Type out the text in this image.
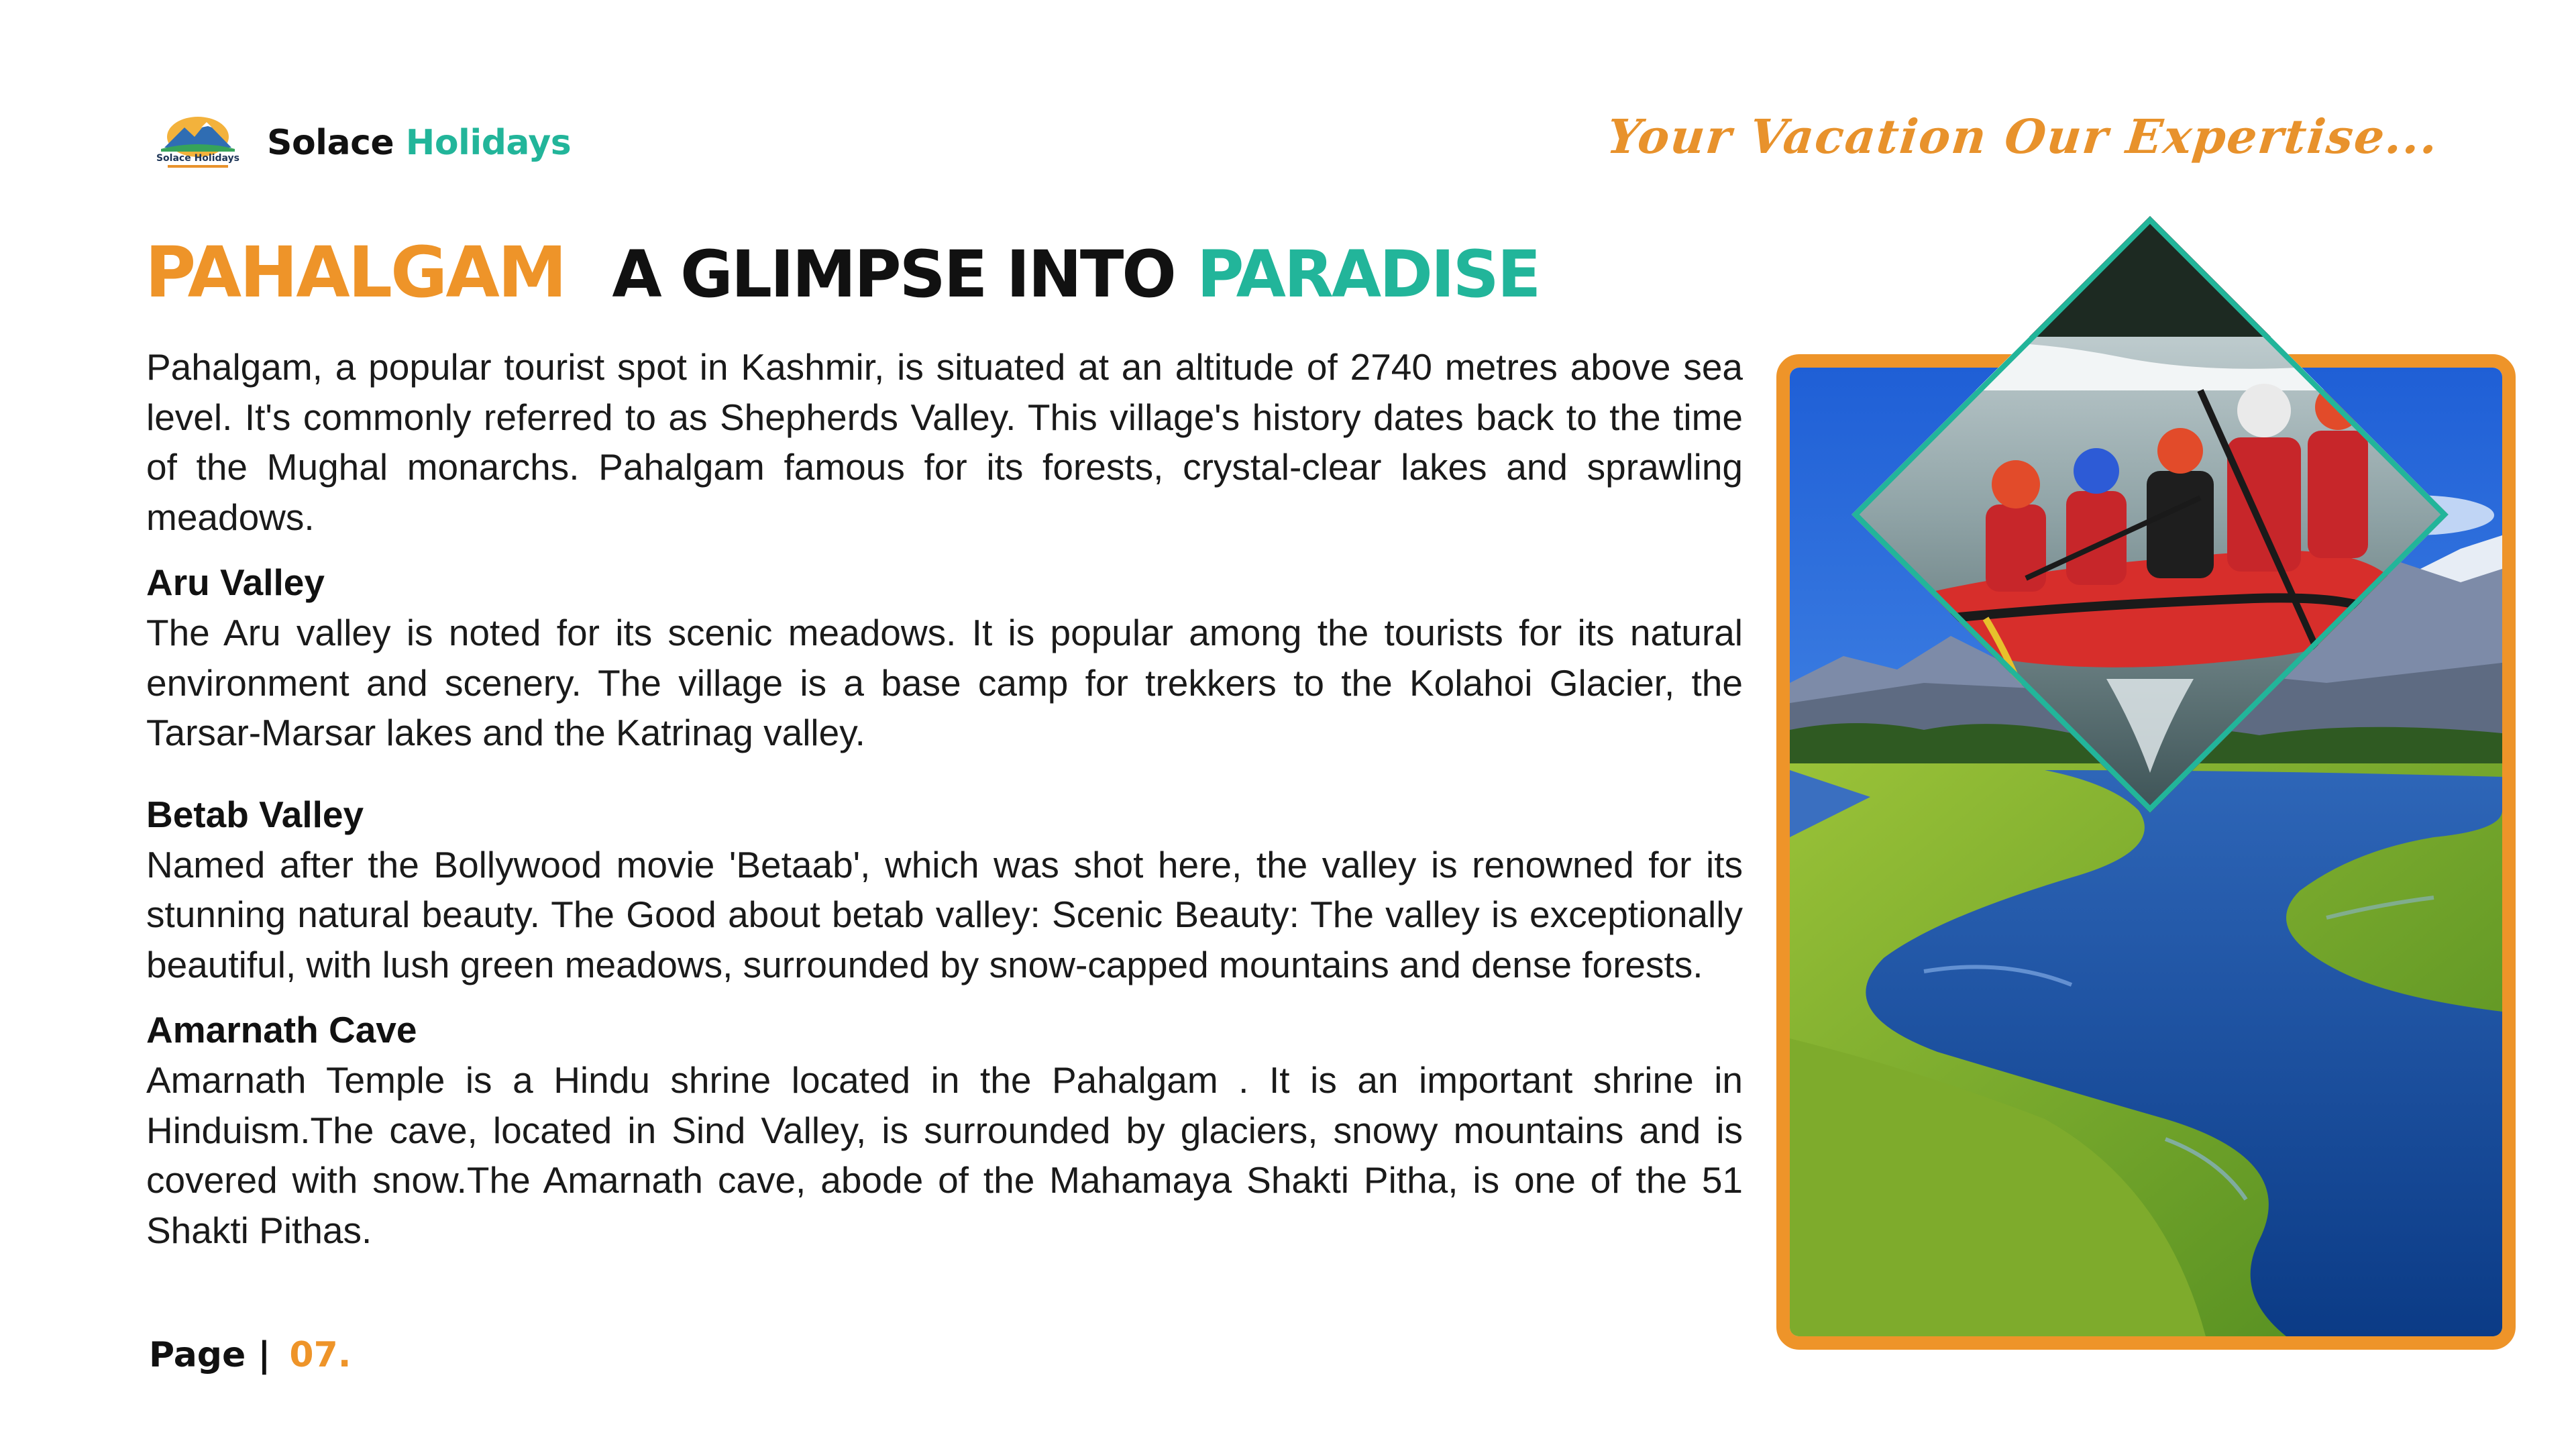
Solace Holidays Solace Holidays	Your Vacation Our Expertise...
PAHALGAM A GLIMPSE INTO PARADISE

Pahalgam, a popular tourist spot in Kashmir, is situated at an altitude of 2740 metres above sea level. It's commonly referred to as Shepherds Valley. This village's history dates back to the time of the Mughal monarchs. Pahalgam famous for its forests, crystal-clear lakes and sprawling meadows.

Aru Valley

The Aru valley is noted for its scenic meadows. It is popular among the tourists for its natural environment and scenery. The village is a base camp for trekkers to the Kolahoi Glacier, the Tarsar-Marsar lakes and the Katrinag valley.

Betab Valley

Named after the Bollywood movie 'Betaab', which was shot here, the valley is renowned for its stunning natural beauty. The Good about betab valley: Scenic Beauty: The valley is exceptionally beautiful, with lush green meadows, surrounded by snow-capped mountains and dense forests.

Amarnath Cave

Amarnath Temple is a Hindu shrine located in the Pahalgam . It is an important shrine in Hinduism.The cave, located in Sind Valley, is surrounded by glaciers, snowy mountains and is covered with snow.The Amarnath cave, abode of the Mahamaya Shakti Pitha, is one of the 51 Shakti Pithas.

Page | 07.
